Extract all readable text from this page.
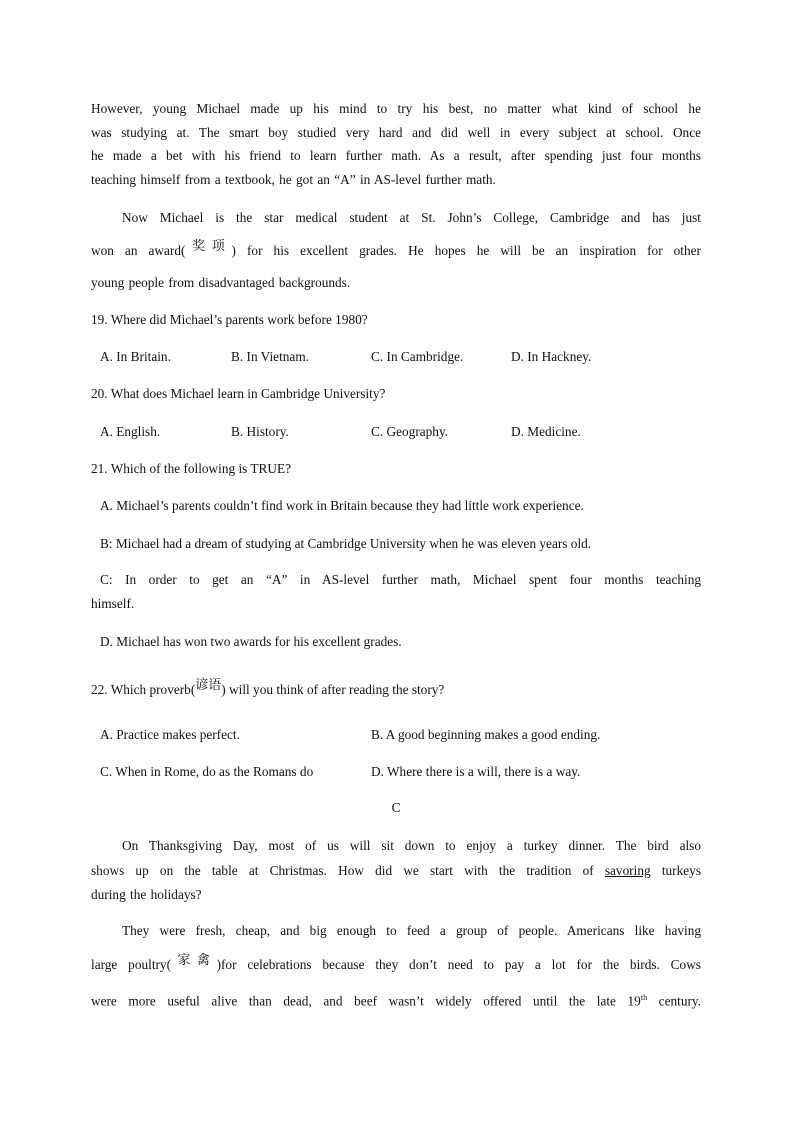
However, young Michael made up his mind to try his best, no matter what kind of school he
was studying at. The smart boy studied very hard and did well in every subject at school. Once
he made a bet with his friend to learn further math. As a result, after spending just four months
teaching himself from a textbook, he got an “A” in AS-level further math.
Now Michael is the star medical student at St. John’s College, Cambridge and has just
won an award(奖项) for his excellent grades. He hopes he will be an inspiration for other
young people from disadvantaged backgrounds.
19. Where did Michael’s parents work before 1980?
A. In Britain.	B. In Vietnam.	C. In Cambridge.	D. In Hackney.
20. What does Michael learn in Cambridge University?
A. English.	B. History.	C. Geography.	D. Medicine.
21. Which of the following is TRUE?
A. Michael’s parents couldn’t find work in Britain because they had little work experience.
B: Michael had a dream of studying at Cambridge University when he was eleven years old.
C: In order to get an “A” in AS-level further math, Michael spent four months teaching
himself.
D. Michael has won two awards for his excellent grades.
22. Which proverb(谚语) will you think of after reading the story?
A. Practice makes perfect.	B. A good beginning makes a good ending.
C. When in Rome, do as the Romans do	D. Where there is a will, there is a way.
C
On Thanksgiving Day, most of us will sit down to enjoy a turkey dinner. The bird also
shows up on the table at Christmas. How did we start with the tradition of savoring turkeys
during the holidays?
They were fresh, cheap, and big enough to feed a group of people. Americans like having
large poultry(家禽)for celebrations because they don’t need to pay a lot for the birds. Cows
were more useful alive than dead, and beef wasn’t widely offered until the late 19th century.
